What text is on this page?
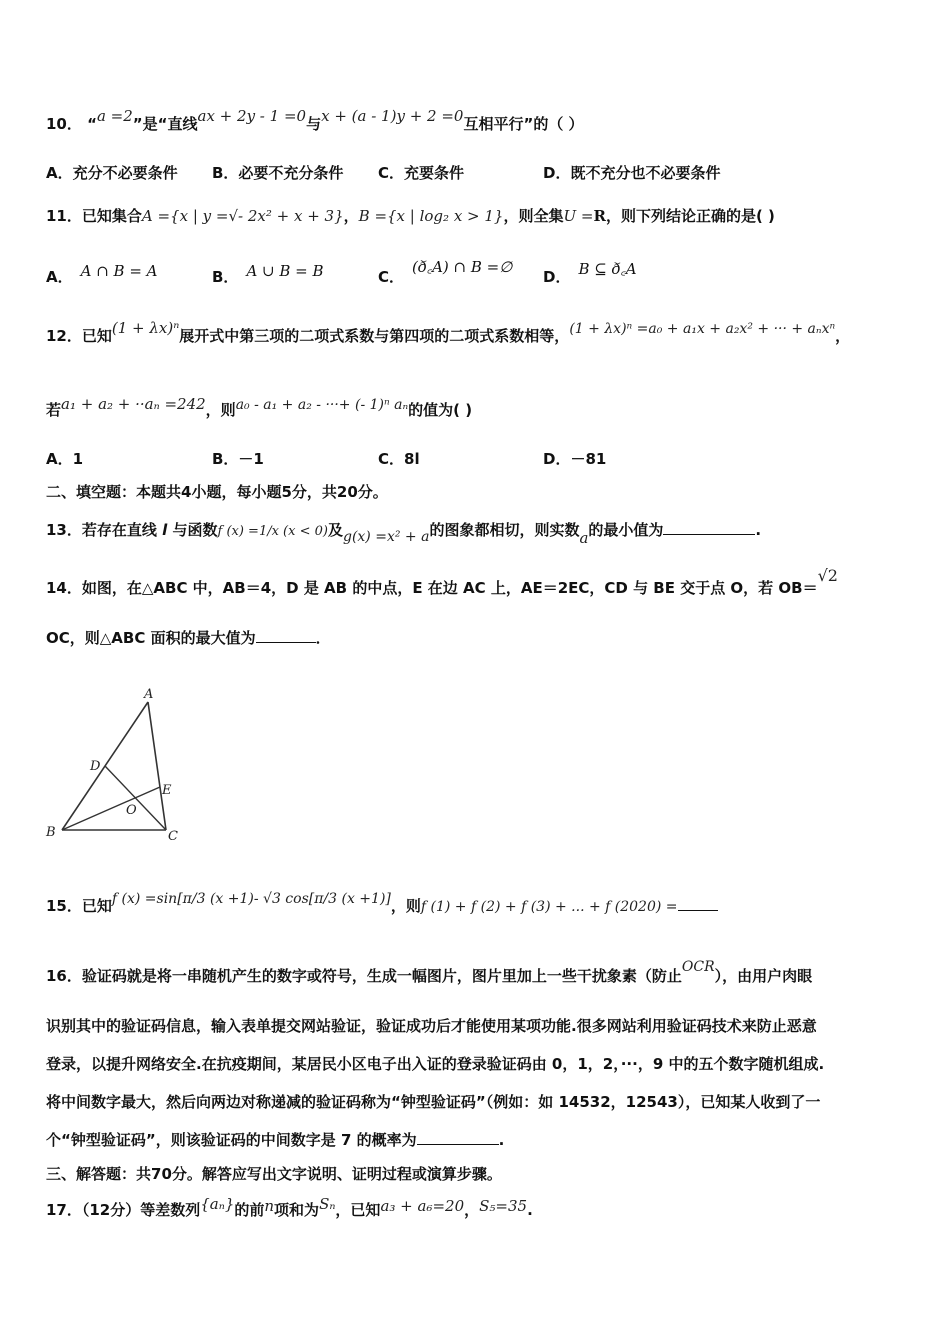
10． “a =2”是“直线ax + 2y - 1 =0与x + (a - 1)y + 2 =0互相平行”的（ ）
A．充分不必要条件 B．必要不充分条件 C．充要条件	D．既不充分也不必要条件
11．已知集合A ={x | y =√- 2x² + x + 3}，B ={x | log₂ x > 1}，则全集U =R，则下列结论正确的是( )
A． A ∩ B = A	B． A ∪ B = B	C．(ð꜀A) ∩ B =∅
D． B ⊆ ð꜀A
12．已知(1 + λx)ⁿ展开式中第三项的二项式系数与第四项的二项式系数相等，(1 + λx)ⁿ =a₀ + a₁x + a₂x² + ··· + aₙxⁿ，
若a₁ + a₂ + ··aₙ =242，则a₀ - a₁ + a₂ - ···+ (- 1)ⁿ aₙ的值为( )
A．1	B．－1	C．8l	D．－81
二、填空题：本题共4小题，每小题5分，共20分。
13．若存在直线 l 与函数f (x) =1/x (x < 0)及g(x) =x² + a的图象都相切，则实数a的最小值为	.
14．如图，在△ABC 中，AB＝4，D 是 AB 的中点，E 在边 AC 上，AE＝2EC，CD 与 BE 交于点 O，若 OB＝√2
OC，则△ABC 面积的最大值为	．
A
B	C
D
E
O
15．已知f (x) =sin[π/3 (x +1)- √3 cos[π/3 (x +1)]，则f (1) + f (2) + f (3) + ... + f (2020) =
16．验证码就是将一串随机产生的数字或符号，生成一幅图片，图片里加上一些干扰象素（防止OCR），由用户肉眼
识别其中的验证码信息，输入表单提交网站验证，验证成功后才能使用某项功能.很多网站利用验证码技术来防止恶意
登录，以提升网络安全.在抗疫期间，某居民小区电子出入证的登录验证码由 0，1，2，···，9 中的五个数字随机组成.
将中间数字最大，然后向两边对称递减的验证码称为“钟型验证码”（例如：如 14532，12543），已知某人收到了一
个“钟型验证码”，则该验证码的中间数字是 7 的概率为	.
三、解答题：共70分。解答应写出文字说明、证明过程或演算步骤。
17．（12分）等差数列{aₙ}的前n项和为Sₙ，已知a₃ + a₆=20，S₅=35.
